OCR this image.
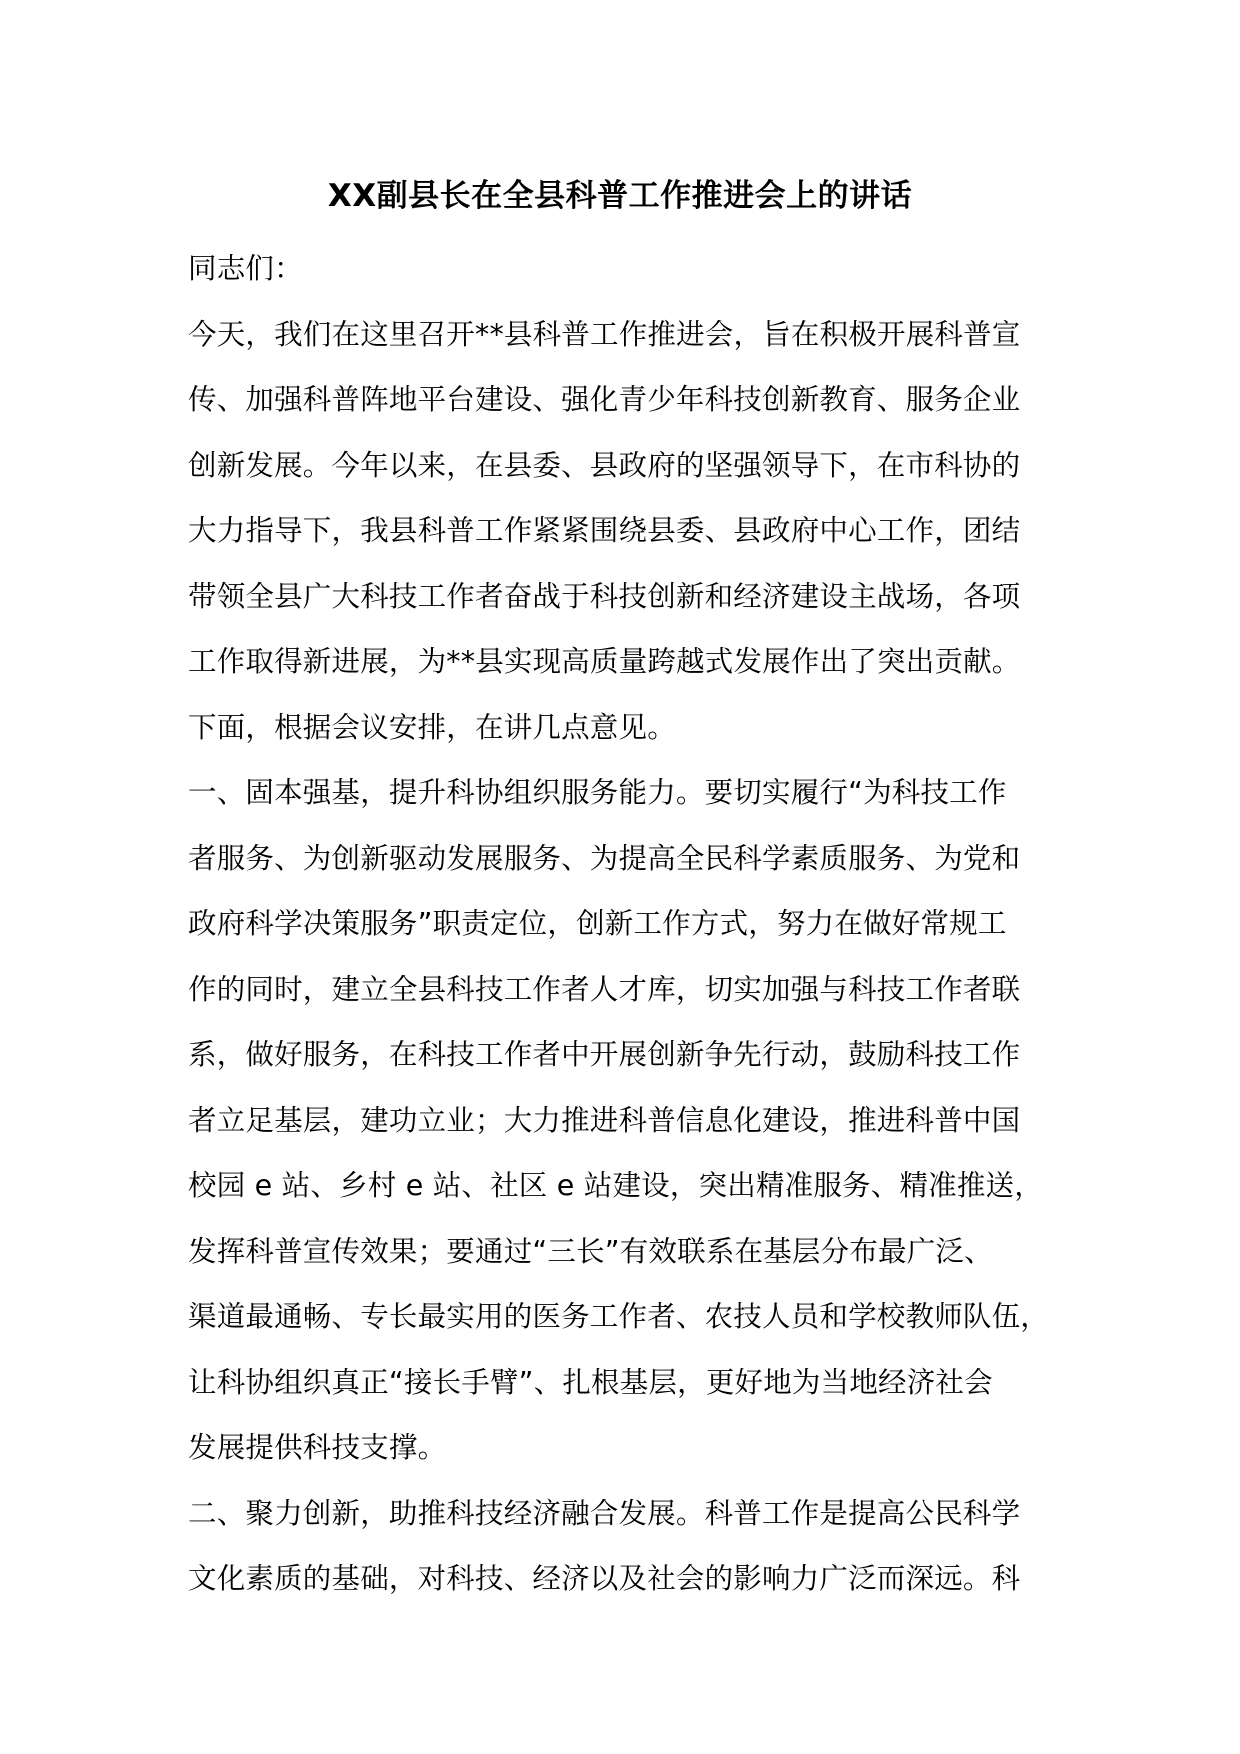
XX副县长在全县科普工作推进会上的讲话
同志们：
今天，我们在这里召开**县科普工作推进会，旨在积极开展科普宣
传、加强科普阵地平台建设、强化青少年科技创新教育、服务企业
创新发展。今年以来，在县委、县政府的坚强领导下，在市科协的
大力指导下，我县科普工作紧紧围绕县委、县政府中心工作，团结
带领全县广大科技工作者奋战于科技创新和经济建设主战场，各项
工作取得新进展，为**县实现高质量跨越式发展作出了突出贡献。
下面，根据会议安排，在讲几点意见。
一、固本强基，提升科协组织服务能力。要切实履行“为科技工作
者服务、为创新驱动发展服务、为提高全民科学素质服务、为党和
政府科学决策服务”职责定位，创新工作方式，努力在做好常规工
作的同时，建立全县科技工作者人才库，切实加强与科技工作者联
系，做好服务，在科技工作者中开展创新争先行动，鼓励科技工作
者立足基层，建功立业；大力推进科普信息化建设，推进科普中国
校园 e 站、乡村 e 站、社区 e 站建设，突出精准服务、精准推送，
发挥科普宣传效果；要通过“三长”有效联系在基层分布最广泛、
渠道最通畅、专长最实用的医务工作者、农技人员和学校教师队伍，
让科协组织真正“接长手臂”、扎根基层，更好地为当地经济社会
发展提供科技支撑。
二、聚力创新，助推科技经济融合发展。科普工作是提高公民科学
文化素质的基础，对科技、经济以及社会的影响力广泛而深远。科
